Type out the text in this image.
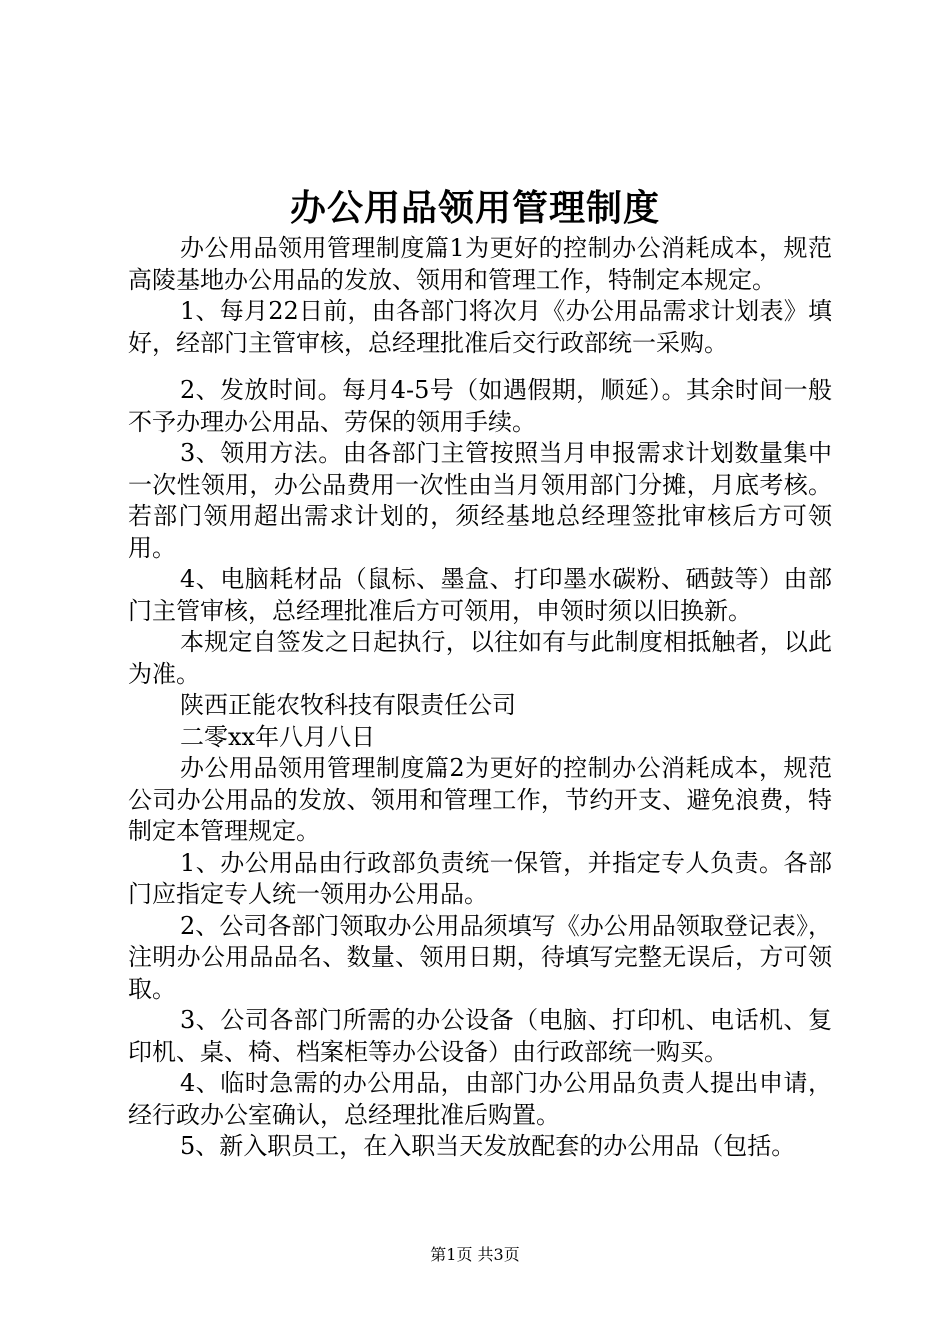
办公用品领用管理制度

办公用品领用管理制度篇1为更好的控制办公消耗成本，规范高陵基地办公用品的发放、领用和管理工作，特制定本规定。

1、每月22日前，由各部门将次月《办公用品需求计划表》填好，经部门主管审核，总经理批准后交行政部统一采购。

2、发放时间。每月4-5号（如遇假期，顺延）。其余时间一般不予办理办公用品、劳保的领用手续。

3、领用方法。由各部门主管按照当月申报需求计划数量集中一次性领用，办公品费用一次性由当月领用部门分摊，月底考核。若部门领用超出需求计划的，须经基地总经理签批审核后方可领用。

4、电脑耗材品（鼠标、墨盒、打印墨水碳粉、硒鼓等）由部门主管审核，总经理批准后方可领用，申领时须以旧换新。

本规定自签发之日起执行，以往如有与此制度相抵触者，以此为准。

陕西正能农牧科技有限责任公司

二零xx年八月八日

办公用品领用管理制度篇2为更好的控制办公消耗成本，规范公司办公用品的发放、领用和管理工作，节约开支、避免浪费，特制定本管理规定。

1、办公用品由行政部负责统一保管，并指定专人负责。各部门应指定专人统一领用办公用品。

2、公司各部门领取办公用品须填写《办公用品领取登记表》，注明办公用品品名、数量、领用日期，待填写完整无误后，方可领取。

3、公司各部门所需的办公设备（电脑、打印机、电话机、复印机、桌、椅、档案柜等办公设备）由行政部统一购买。

4、临时急需的办公用品，由部门办公用品负责人提出申请，经行政办公室确认，总经理批准后购置。

5、新入职员工，在入职当天发放配套的办公用品（包括。

第1页 共3页
